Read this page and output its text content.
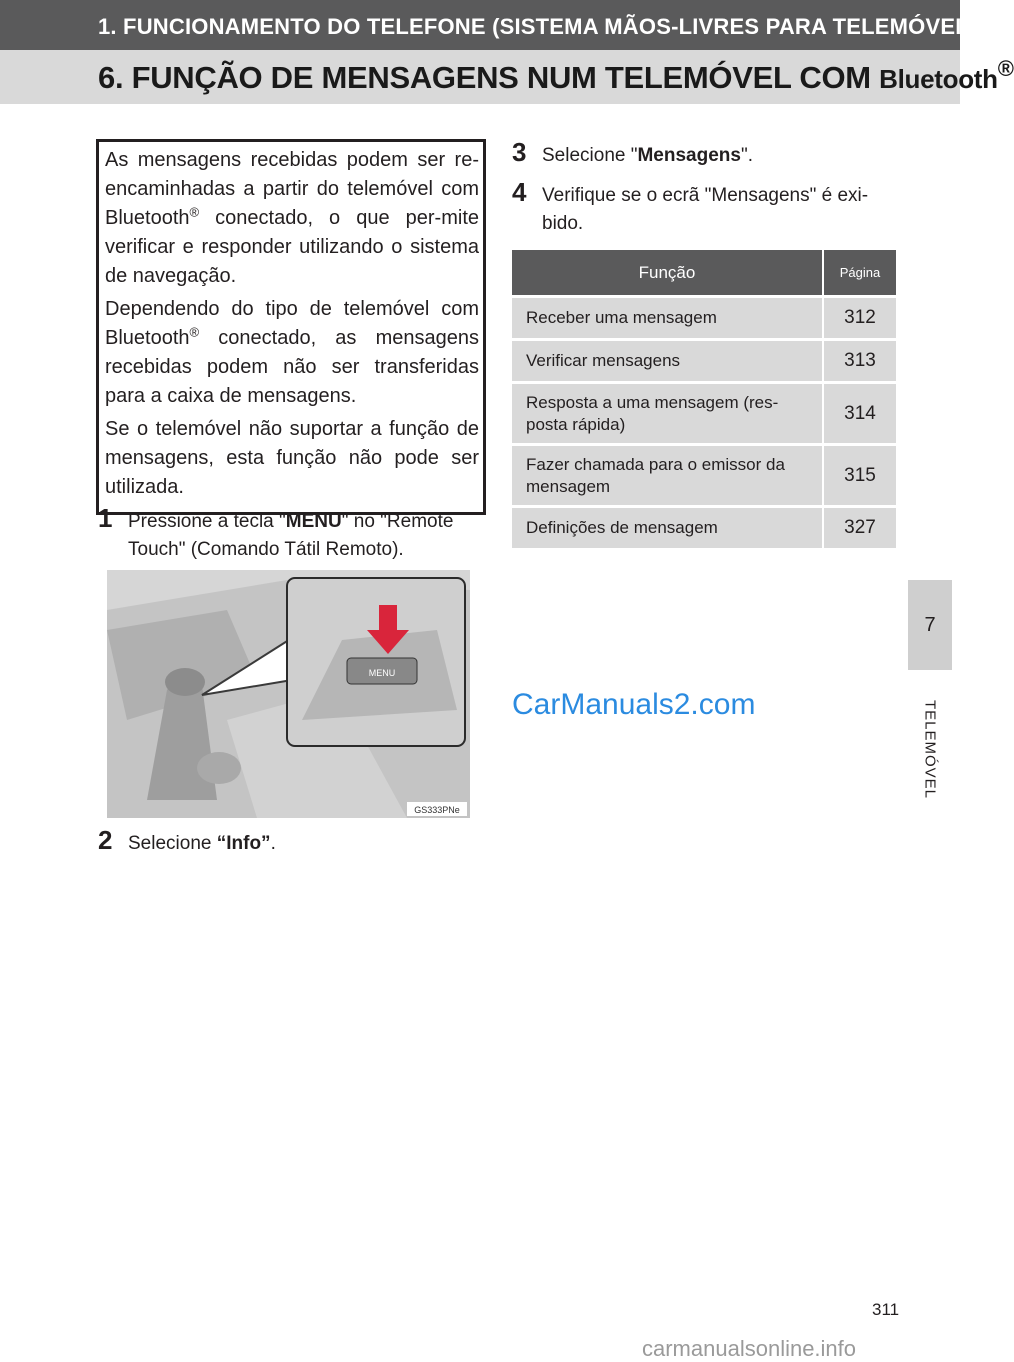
1. FUNCIONAMENTO DO TELEFONE (SISTEMA MÃOS-LIVRES PARA TELEMÓVEIS)
6. FUNÇÃO DE MENSAGENS NUM TELEMÓVEL COM Bluetooth®
7
TELEMÓVEL

As mensagens recebidas podem ser re-encaminhadas a partir do telemóvel com Bluetooth® conectado, o que per-mite verificar e responder utilizando o sistema de navegação.

Dependendo do tipo de telemóvel com Bluetooth® conectado, as mensagens recebidas podem não ser transferidas para a caixa de mensagens.

Se o telemóvel não suportar a função de mensagens, esta função não pode ser utilizada.

1 Pressione a tecla "MENU" no "Remote Touch" (Comando Tátil Remoto).
MENU
GS333PNe
2 Selecione “Info”.
3 Selecione "Mensagens".
4 Verifique se o ecrã "Mensagens" é exi-bido.
Função	Página
Receber uma mensagem	312
Verificar mensagens	313
Resposta a uma mensagem (res-posta rápida)	314
Fazer chamada para o emissor da mensagem	315
Definições de mensagem	327
CarManuals2.com
311
carmanualsonline.info
